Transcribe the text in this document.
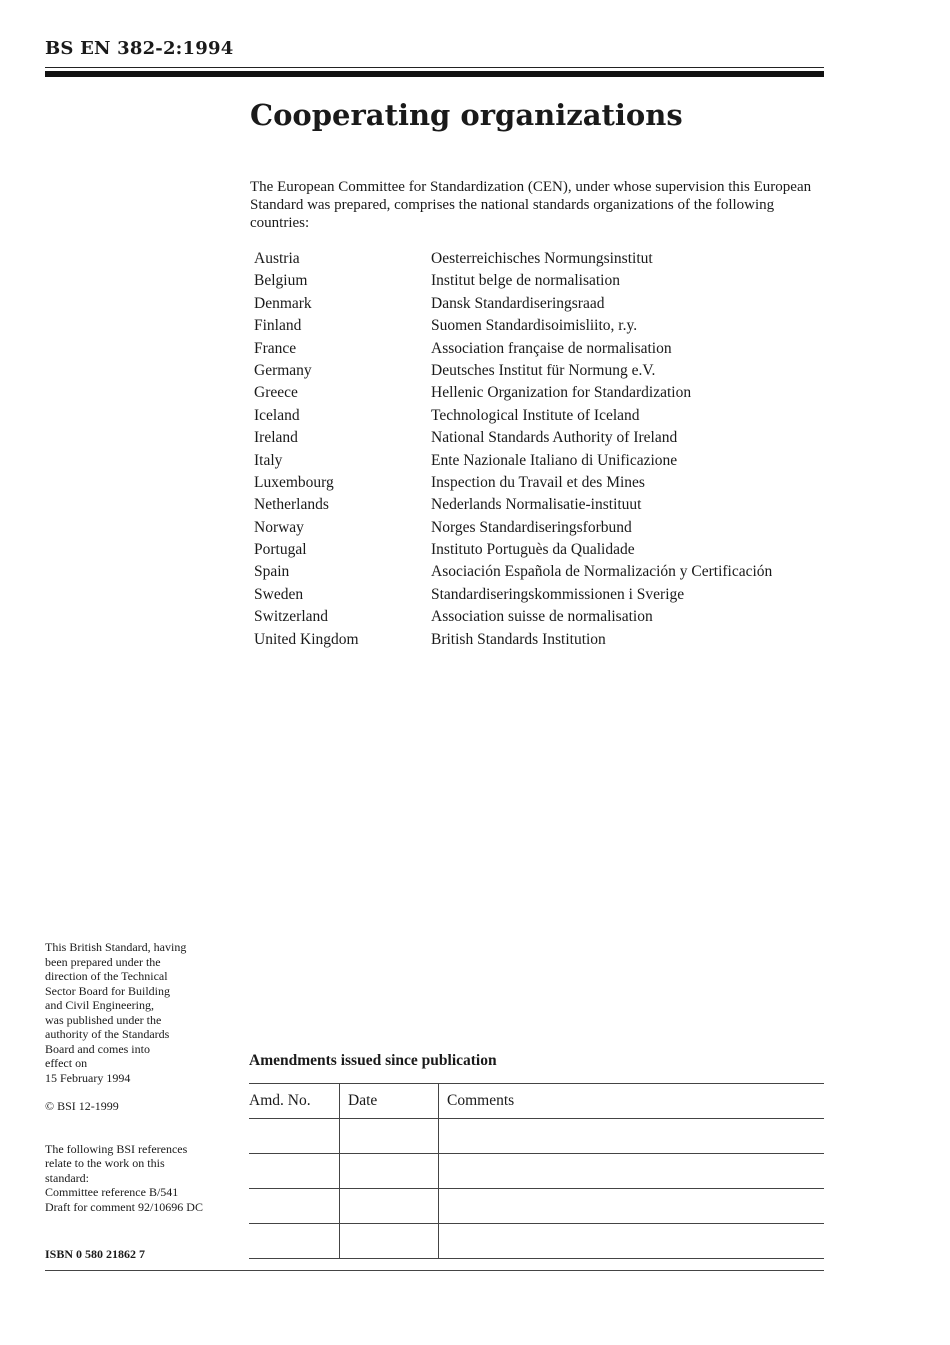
BS EN 382-2:1994
Cooperating organizations
The European Committee for Standardization (CEN), under whose supervision this European Standard was prepared, comprises the national standards organizations of the following countries:
Austria	Oesterreichisches Normungsinstitut
Belgium	Institut belge de normalisation
Denmark	Dansk Standardiseringsraad
Finland	Suomen Standardisoimisliito, r.y.
France	Association française de normalisation
Germany	Deutsches Institut für Normung e.V.
Greece	Hellenic Organization for Standardization
Iceland	Technological Institute of Iceland
Ireland	National Standards Authority of Ireland
Italy	Ente Nazionale Italiano di Unificazione
Luxembourg	Inspection du Travail et des Mines
Netherlands	Nederlands Normalisatie-instituut
Norway	Norges Standardiseringsforbund
Portugal	Instituto Portuguès da Qualidade
Spain	Asociación Española de Normalización y Certificación
Sweden	Standardiseringskommissionen i Sverige
Switzerland	Association suisse de normalisation
United Kingdom	British Standards Institution

This British Standard, having
been prepared under the
direction of the Technical
Sector Board for Building
and Civil Engineering,
was published under the
authority of the Standards
Board and comes into
effect on
15 February 1994

© BSI 12-1999

The following BSI references
relate to the work on this
standard:
Committee reference B/541
Draft for comment 92/10696 DC

ISBN 0 580 21862 7
Amendments issued since publication
Amd. No.	Date	Comments
